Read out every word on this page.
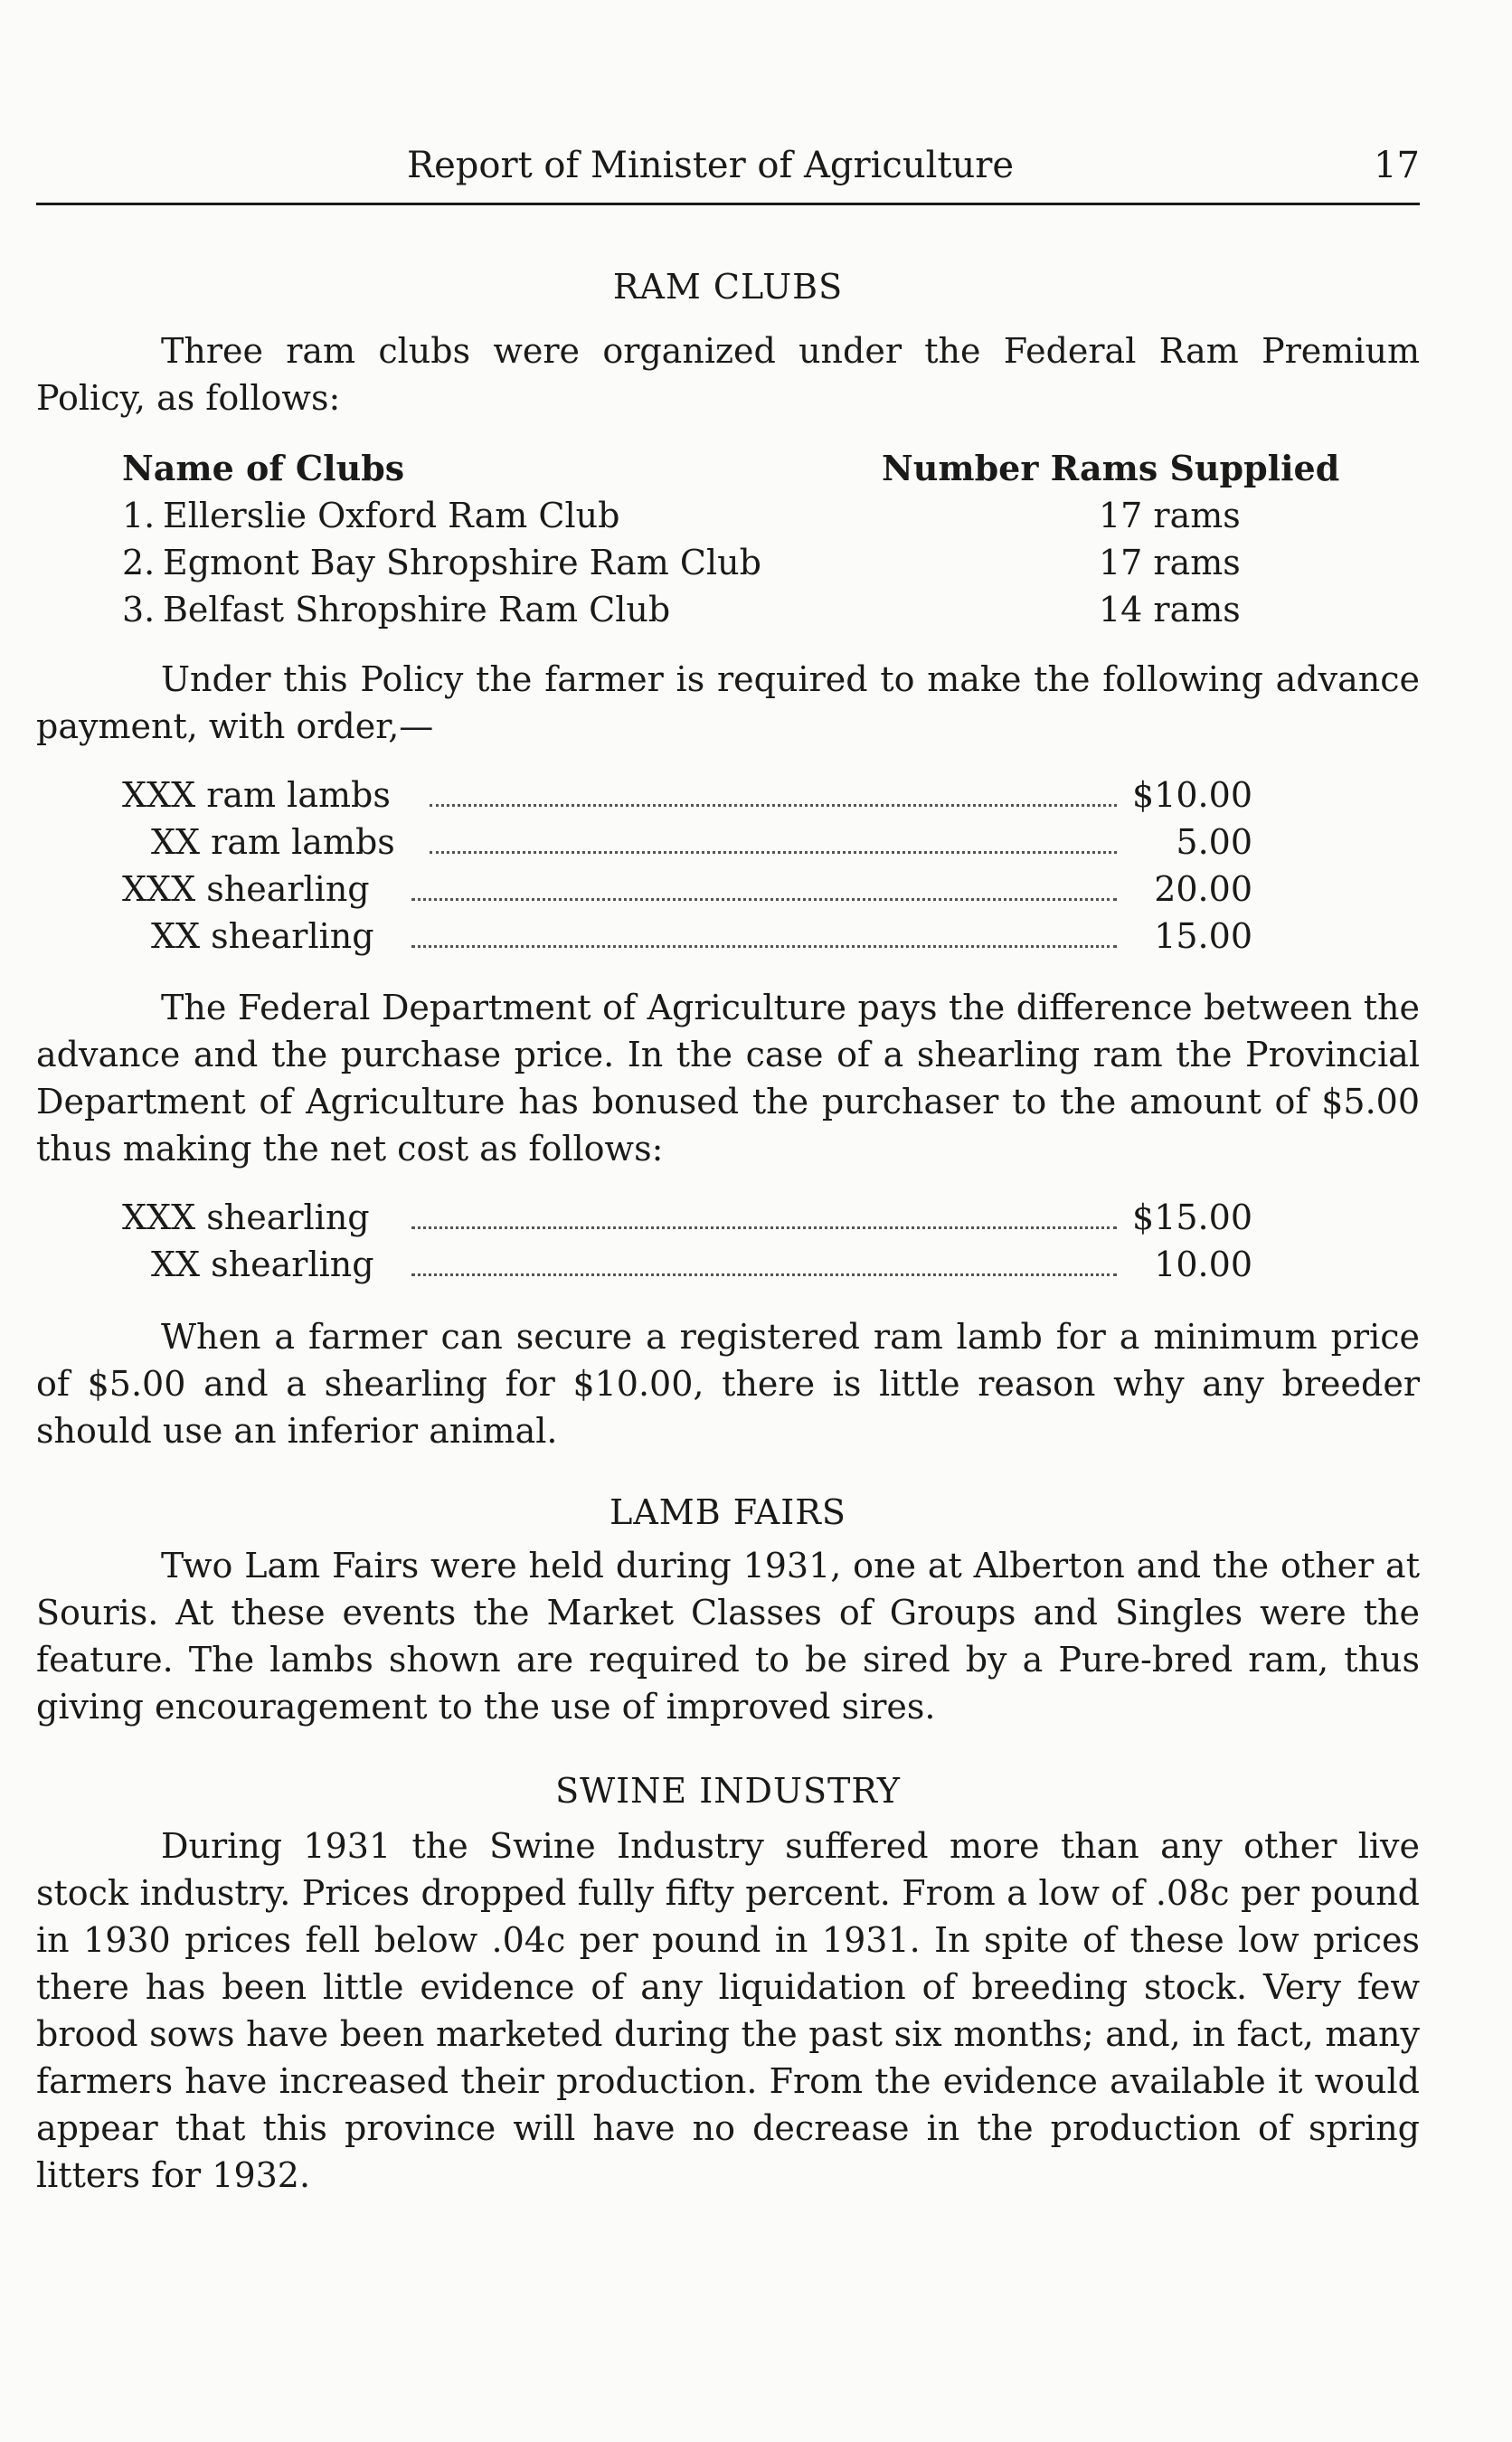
Report of Minister of Agriculture	17
RAM CLUBS

Three ram clubs were organized under the Federal Ram Premium Policy, as follows:

Name of Clubs	Number Rams Supplied
1. Ellerslie Oxford Ram Club	17 rams
2. Egmont Bay Shropshire Ram Club	17 rams
3. Belfast Shropshire Ram Club	14 rams

Under this Policy the farmer is required to make the following advance payment, with order,—

XXX ram lambs	$10.00
XX ram lambs	5.00
XXX shearling	20.00
XX shearling	15.00

The Federal Department of Agriculture pays the difference between the advance and the purchase price. In the case of a shearling ram the Provincial Department of Agriculture has bonused the purchaser to the amount of $5.00 thus making the net cost as follows:

XXX shearling	$15.00
XX shearling	10.00

When a farmer can secure a registered ram lamb for a minimum price of $5.00 and a shearling for $10.00, there is little reason why any breeder should use an inferior animal.

LAMB FAIRS

Two Lam Fairs were held during 1931, one at Alberton and the other at Souris. At these events the Market Classes of Groups and Singles were the feature. The lambs shown are required to be sired by a Pure-bred ram, thus giving encouragement to the use of improved sires.

SWINE INDUSTRY

During 1931 the Swine Industry suffered more than any other live stock industry. Prices dropped fully fifty percent. From a low of .08c per pound in 1930 prices fell below .04c per pound in 1931. In spite of these low prices there has been little evidence of any liquidation of breeding stock. Very few brood sows have been marketed during the past six months; and, in fact, many farmers have increased their production. From the evidence available it would appear that this province will have no decrease in the production of spring litters for 1932.
